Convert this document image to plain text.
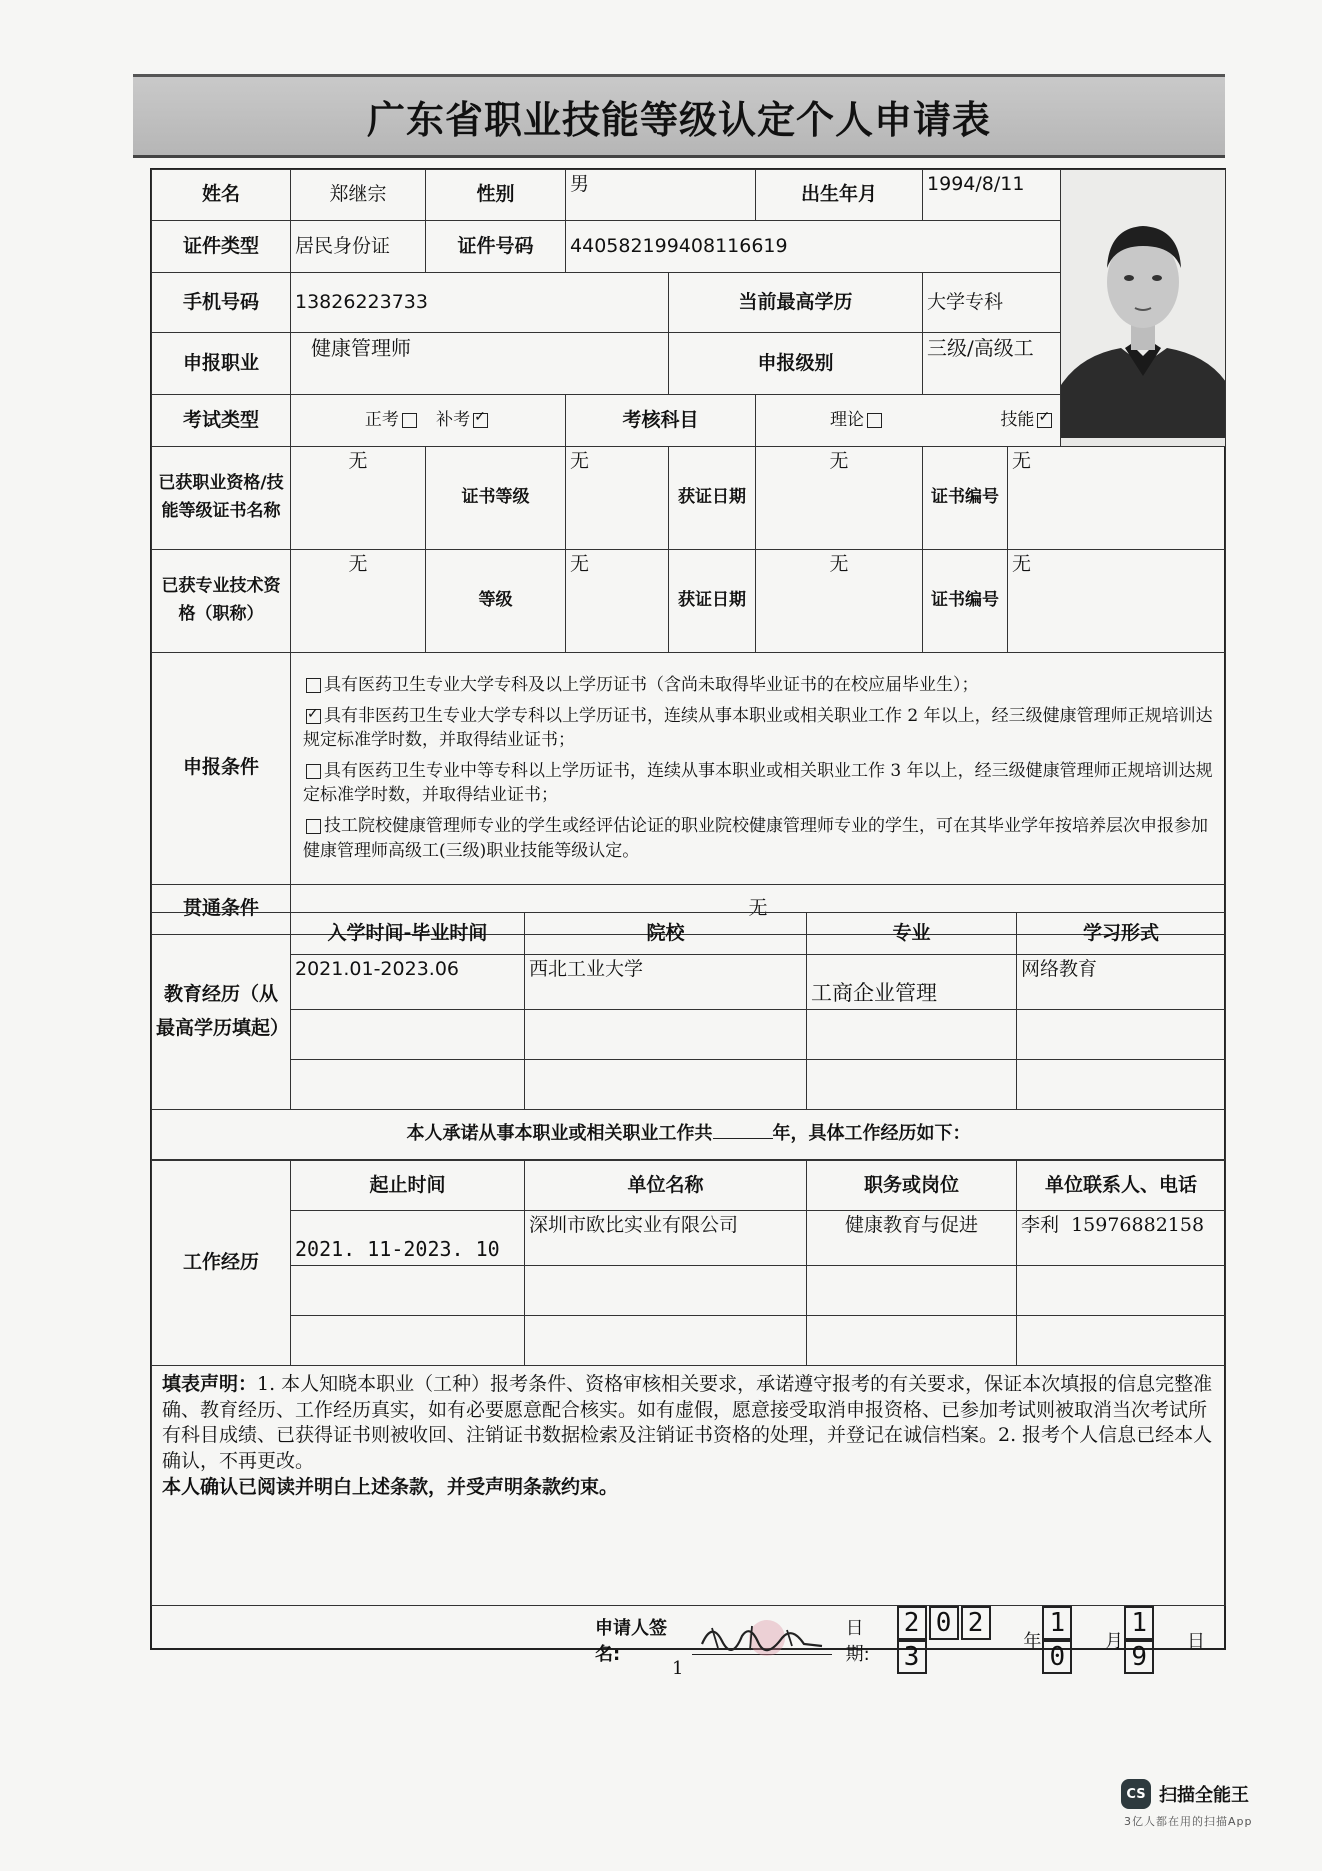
广东省职业技能等级认定个人申请表
姓名	郑继宗	性别	男		出生年月	1994/8/11	

证件类型	居民身份证	证件号码	440582199408116619					
手机号码	13826223733			当前最高学历		大学专科		
申报职业	健康管理师			申报级别		三级/高级工		
考试类型	正考 补考✓		考核科目		理论 技能✓
已获职业资格/技能等级证书名称	无	证书等级	无	获证日期	无	证书编号	无	
已获专业技术资格（职称）	无	等级	无	获证日期	无	证书编号	无	
申报条件	具有医药卫生专业大学专科及以上学历证书（含尚未取得毕业证书的在校应届毕业生）；

✓具有非医药卫生专业大学专科以上学历证书，连续从事本职业或相关职业工作 2 年以上，经三级健康管理师正规培训达规定标准学时数，并取得结业证书；

具有医药卫生专业中等专科以上学历证书，连续从事本职业或相关职业工作 3 年以上，经三级健康管理师正规培训达规定标准学时数，并取得结业证书；

技工院校健康管理师专业的学生或经评估论证的职业院校健康管理师专业的学生，可在其毕业学年按培养层次申报参加健康管理师高级工(三级)职业技能等级认定。

贯通条件	无							
教育经历（从最高学历填起）	入学时间-毕业时间	院校	专业	学习形式
	2021.01-2023.06	西北工业大学	工商企业管理	网络教育

本人承诺从事本职业或相关职业工作共 年，具体工作经历如下：				
工作经历	起止时间	单位名称	职务或岗位	单位联系人、电话
	2021. 11-2023. 10	深圳市欧比实业有限公司	健康教育与促进	李利  15976882158

填表声明：1. 本人知晓本职业（工种）报考条件、资格审核相关要求，承诺遵守报考的有关要求，保证本次填报的信息完整准确、教育经历、工作经历真实，如有必要愿意配合核实。如有虚假，愿意接受取消申报资格、已参加考试则被取消当次考试所有科目成绩、已获得证书则被收回、注销证书数据检索及注销证书资格的处理，并登记在诚信档案。2. 报考个人信息已经本人确认，不再更改。
本人确认已阅读并明白上述条款，并受声明条款约束。				
申请人签名:
日期:
2 0 23
年
10
月
19
日
1
CS 扫描全能王
3亿人都在用的扫描App
